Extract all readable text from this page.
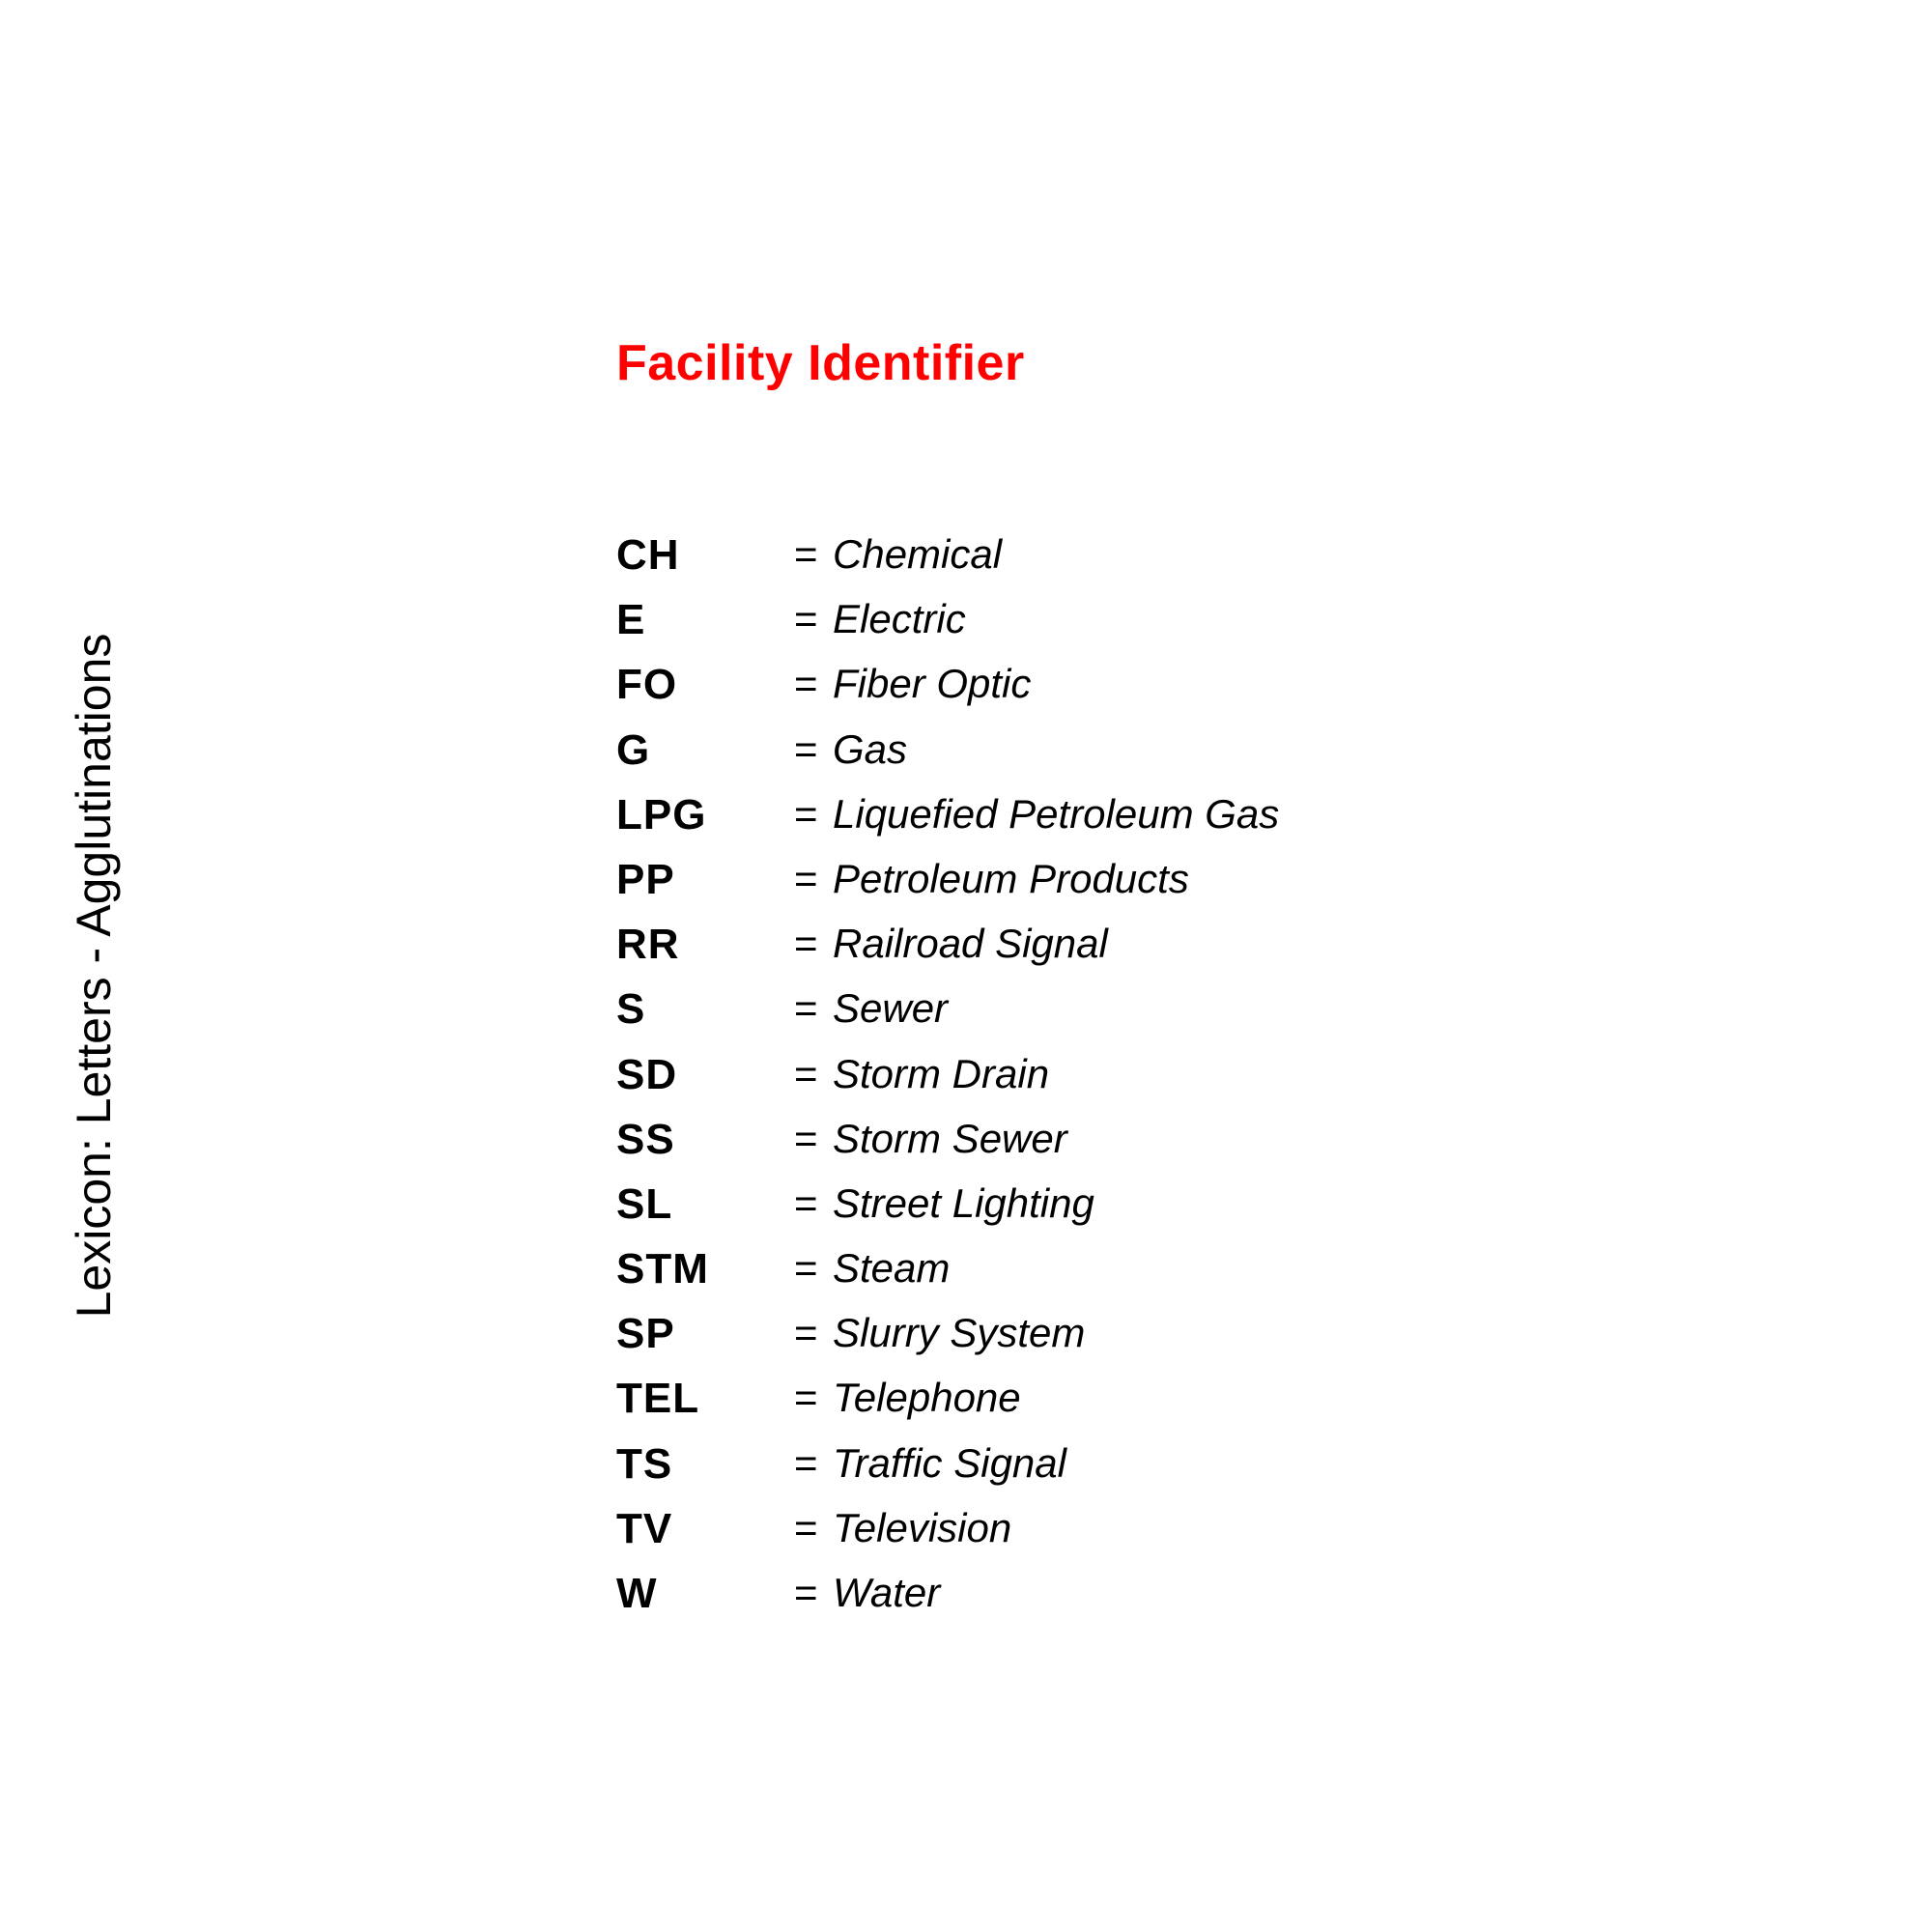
Lexicon: Letters - Agglutinations
Facility Identifier
CH	= Chemical
E	= Electric
FO	= Fiber Optic
G	= Gas
LPG	= Liquefied Petroleum Gas
PP	= Petroleum Products
RR	= Railroad Signal
S	= Sewer
SD	= Storm Drain
SS	= Storm Sewer
SL	= Street Lighting
STM	= Steam
SP	= Slurry System
TEL	= Telephone
TS	= Traffic Signal
TV	= Television
W	= Water
